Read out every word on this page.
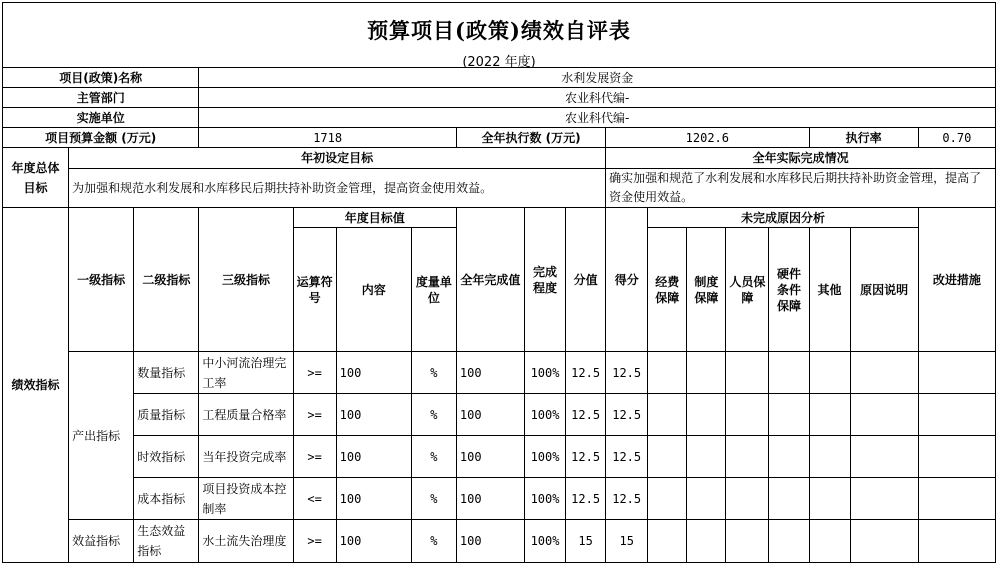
预算项目(政策)绩效自评表
(2022 年度)
项目(政策)名称			水利发展资金														
主管部门			农业科代编-														
实施单位			农业科代编-														
项目预算金额 (万元)			1718				全年执行数 (万元)			1202.6					执行率		0.70
年度总体目标	年初设定目标									全年实际完成情况							
	为加强和规范水利发展和水库移民后期扶持补助资金管理，提高资金使用效益。									确实加强和规范了水利发展和水库移民后期扶持补助资金管理，提高了资金使用效益。							
绩效指标	一级指标	二级指标	三级指标	年度目标值			全年完成值	完成程度	分值	得分	未完成原因分析						改进措施
				运算符号	内容	度量单位					经费保障	制度保障	人员保障	硬件条件保障	其他	原因说明	
	产出指标	数量指标	中小河流治理完工率	>=	100	%	100	100%	12.5	12.5							
		质量指标	工程质量合格率	>=	100	%	100	100%	12.5	12.5							
		时效指标	当年投资完成率	>=	100	%	100	100%	12.5	12.5							
		成本指标	项目投资成本控制率	<=	100	%	100	100%	12.5	12.5							
	效益指标	生态效益指标	水土流失治理度	>=	100	%	100	100%	15	15							
